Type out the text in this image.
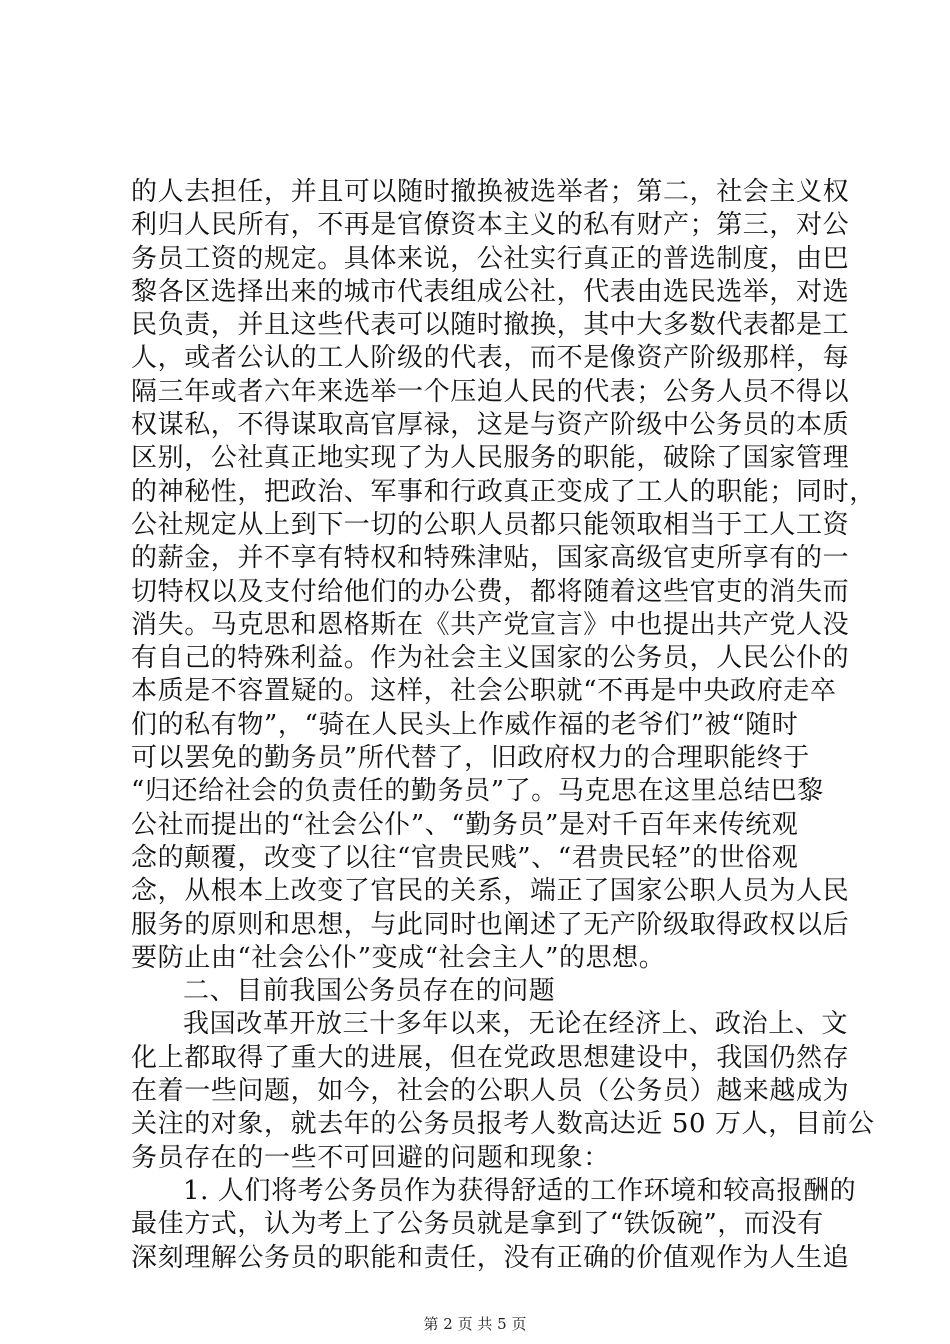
的人去担任，并且可以随时撤换被选举者；第二，社会主义权
利归人民所有，不再是官僚资本主义的私有财产；第三，对公
务员工资的规定。具体来说，公社实行真正的普选制度，由巴
黎各区选择出来的城市代表组成公社，代表由选民选举，对选
民负责，并且这些代表可以随时撤换，其中大多数代表都是工
人，或者公认的工人阶级的代表，而不是像资产阶级那样，每
隔三年或者六年来选举一个压迫人民的代表；公务人员不得以
权谋私，不得谋取高官厚禄，这是与资产阶级中公务员的本质
区别，公社真正地实现了为人民服务的职能，破除了国家管理
的神秘性，把政治、军事和行政真正变成了工人的职能；同时，
公社规定从上到下一切的公职人员都只能领取相当于工人工资
的薪金，并不享有特权和特殊津贴，国家高级官吏所享有的一
切特权以及支付给他们的办公费，都将随着这些官吏的消失而
消失。马克思和恩格斯在《共产党宣言》中也提出共产党人没
有自己的特殊利益。作为社会主义国家的公务员，人民公仆的
本质是不容置疑的。这样，社会公职就“不再是中央政府走卒
们的私有物”，“骑在人民头上作威作福的老爷们”被“随时
可以罢免的勤务员”所代替了，旧政府权力的合理职能终于
“归还给社会的负责任的勤务员”了。马克思在这里总结巴黎
公社而提出的“社会公仆”、“勤务员”是对千百年来传统观
念的颠覆，改变了以往“官贵民贱”、“君贵民轻”的世俗观
念，从根本上改变了官民的关系，端正了国家公职人员为人民
服务的原则和思想，与此同时也阐述了无产阶级取得政权以后
要防止由“社会公仆”变成“社会主人”的思想。
二、目前我国公务员存在的问题
我国改革开放三十多年以来，无论在经济上、政治上、文
化上都取得了重大的进展，但在党政思想建设中，我国仍然存
在着一些问题，如今，社会的公职人员（公务员）越来越成为
关注的对象，就去年的公务员报考人数高达近 50 万人，目前公
务员存在的一些不可回避的问题和现象：
1. 人们将考公务员作为获得舒适的工作环境和较高报酬的
最佳方式，认为考上了公务员就是拿到了“铁饭碗”，而没有
深刻理解公务员的职能和责任，没有正确的价值观作为人生追
第 2 页 共 5 页
